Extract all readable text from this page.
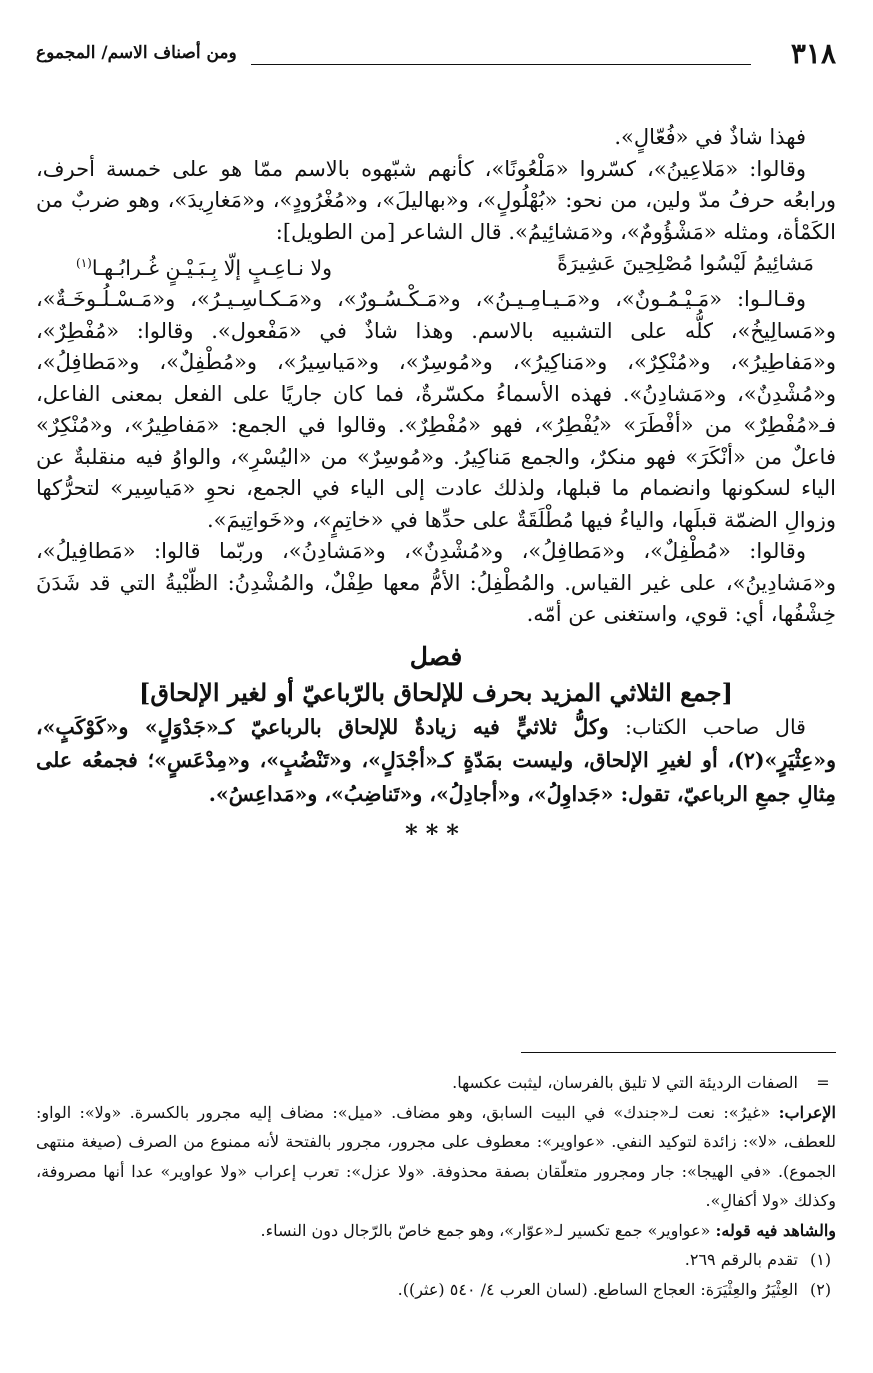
٣١٨
ومن أصناف الاسم/ المجموع

فهذا شاذٌ في «فُعّالٍ».

وقالوا: «مَلاعِينُ»، كسّروا «مَلْعُونًا»، كأنهم شبّهوه بالاسم ممّا هو على خمسة أحرف، ورابعُه حرفُ مدّ ولين، من نحو: «بُهْلُولٍ»، و«بهاليلَ»، و«مُغْرُودٍ»، و«مَغارِيدَ»، وهو ضربٌ من الكَمْأة، ومثله «مَشْؤُومٌ»، و«مَشائِيمُ». قال الشاعر [من الطويل]:

مَشائِيمُ لَيْسُوا مُصْلِحِينَ عَشِيرَةً
ولا نـاعِـبٍ إلّا بِـبَـيْـنٍ غُـرابُـهـا$^{(١)}$

وقـالـوا: «مَـيْـمُـونٌ»، و«مَـيـامِـيـنُ»، و«مَـكْـسُـورٌ»، و«مَـكـاسِـيـرُ»، و«مَـسْـلُـوخَـةٌ»، و«مَسالِيخُ»، كلُّه على التشبيه بالاسم. وهذا شاذٌ في «مَفْعول». وقالوا: «مُفْطِرٌ»، و«مَفاطِيرُ»، و«مُنْكِرٌ»، و«مَناكِيرُ»، و«مُوسِرٌ»، و«مَياسِيرُ»، و«مُطْفِلٌ»، و«مَطافِلُ»، و«مُشْدِنٌ»، و«مَشادِنُ». فهذه الأسماءُ مكسّرةٌ، فما كان جاريًا على الفعل بمعنى الفاعل، فـ«مُفْطِرٌ» من «أفْطَرَ» «يُفْطِرُ»، فهو «مُفْطِرٌ». وقالوا في الجمع: «مَفاطِيرُ»، و«مُنْكِرٌ» فاعلٌ من «أنْكَرَ» فهو منكرٌ، والجمع مَناكِيرُ. و«مُوسِرٌ» من «اليُسْرِ»، والواوُ فيه منقلبةٌ عن الياء لسكونها وانضمام ما قبلها، ولذلك عادت إلى الياء في الجمع، نحوِ «مَياسِير» لتحرُّكها وزوالِ الضمّة قبلَها، والياءُ فيها مُطْلَقَةٌ على حدِّها في «خاتِمٍ»، و«خَواتِيمَ».

وقالوا: «مُطْفِلٌ»، و«مَطافِلُ»، و«مُشْدِنٌ»، و«مَشادِنُ»، وربّما قالوا: «مَطافِيلُ»، و«مَشادِينُ»، على غير القياس. والمُطْفِلُ: الأمُّ معها طِفْلٌ، والمُشْدِنُ: الظّبْيةُ التي قد شَدَنَ خِشْفُها، أي: قوي، واستغنى عن أمّه.

فصل
[جمع الثلاثي المزيد بحرف للإلحاق بالرّباعيّ أو لغير الإلحاق]

قال صاحب الكتاب: وكلُّ ثلاثيٍّ فيه زيادةٌ للإلحاق بالرباعيّ كـ«جَدْوَلٍ» و«كَوْكَبٍ»، و«عِثْيَرٍ»(٢)، أو لغيرِ الإلحاق، وليست بمَدّةٍ كـ«أجْدَلٍ»، و«تَنْضُبٍ»، و«مِدْعَسٍ»؛ فجمعُه على مِثالِ جمعِ الرباعيّ، تقول: «جَداوِلُ»، و«أجادِلُ»، و«تَناضِبُ»، و«مَداعِسُ».

***
=
الصفات الرديئة التي لا تليق بالفرسان، ليثبت عكسها.

الإعراب: «غيرُ»: نعت لـ«جندك» في البيت السابق، وهو مضاف. «ميل»: مضاف إليه مجرور بالكسرة. «ولا»: الواو: للعطف، «لا»: زائدة لتوكيد النفي. «عواوير»: معطوف على مجرور، مجرور بالفتحة لأنه ممنوع من الصرف (صيغة منتهى الجموع). «في الهيجا»: جار ومجرور متعلّقان بصفة محذوفة. «ولا عزل»: تعرب إعراب «ولا عواوير» عدا أنها مصروفة، وكذلك «ولا أكفالِ».

والشاهد فيه قوله: «عواوير» جمع تكسير لـ«عوّار»، وهو جمع خاصّ بالرّجال دون النساء.

(١)
تقدم بالرقم ٢٦٩.
(٢)
العِثْيَرُ والعِثْيَرَة: العجاج الساطع. (لسان العرب ٤/ ٥٤٠ (عثر)).
